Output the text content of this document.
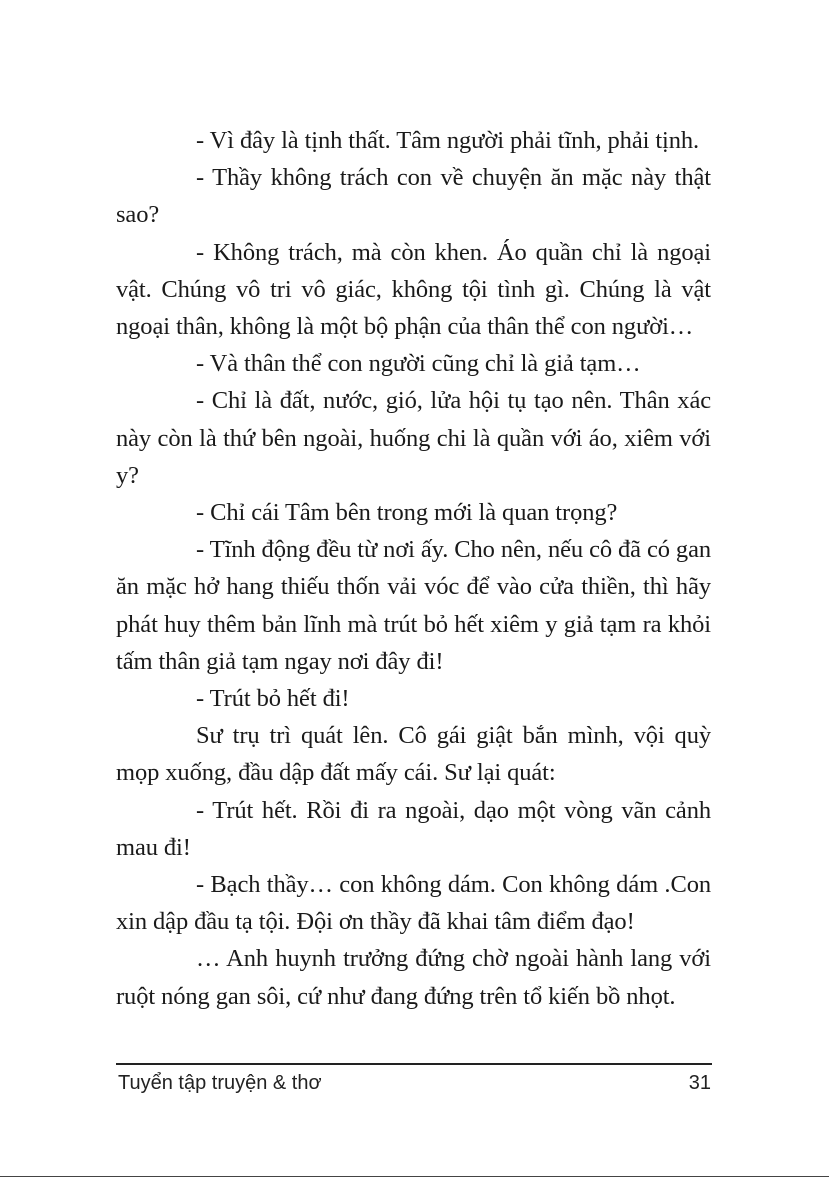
- Vì đây là tịnh thất. Tâm người phải tĩnh, phải tịnh.

- Thầy không trách con về chuyện ăn mặc này thật sao?

- Không trách, mà còn khen. Áo quần chỉ là ngoại vật. Chúng vô tri vô giác, không tội tình gì. Chúng là vật ngoại thân, không là một bộ phận của thân thể con người…

- Và thân thể con người cũng chỉ là giả tạm…

- Chỉ là đất, nước, gió, lửa hội tụ tạo nên. Thân xác này còn là thứ bên ngoài, huống chi là quần với áo, xiêm với y?

- Chỉ cái Tâm bên trong mới là quan trọng?

- Tĩnh động đều từ nơi ấy. Cho nên, nếu cô đã có gan ăn mặc hở hang thiếu thốn vải vóc để vào cửa thiền, thì hãy phát huy thêm bản lĩnh mà trút bỏ hết xiêm y giả tạm ra khỏi tấm thân giả tạm ngay nơi đây đi!

- Trút bỏ hết đi!

Sư trụ trì quát lên. Cô gái giật bắn mình, vội quỳ mọp xuống, đầu dập đất mấy cái. Sư lại quát:

- Trút hết. Rồi đi ra ngoài, dạo một vòng vãn cảnh mau đi!

- Bạch thầy… con không dám. Con không dám .Con xin dập đầu tạ tội. Đội ơn thầy đã khai tâm điểm đạo!

… Anh huynh trưởng đứng chờ ngoài hành lang với ruột nóng gan sôi, cứ như đang đứng trên tổ kiến bồ nhọt.

Tuyển tập truyện & thơ	31
